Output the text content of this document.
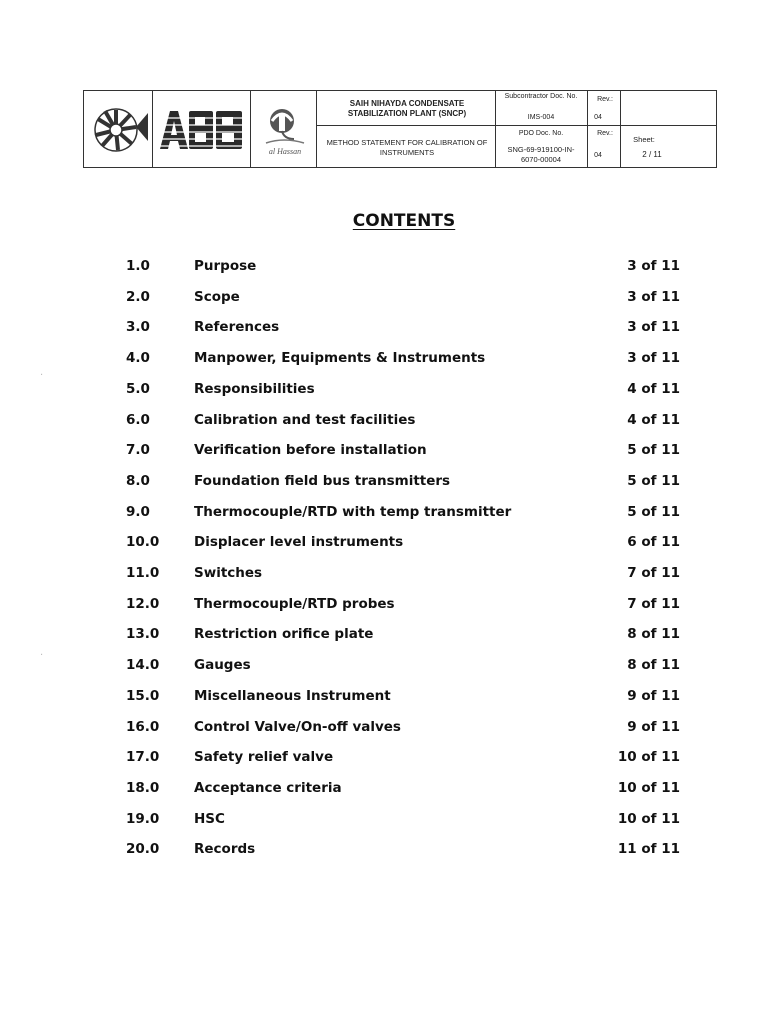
al Hassan
SAIH NIHAYDA CONDENSATE STABILIZATION PLANT (SNCP)
METHOD STATEMENT FOR CALIBRATION OF INSTRUMENTS
Subcontractor Doc. No.
IMS-004
PDO Doc. No.
SNG-69-919100-IN-6070-00004
Rev.:
04
Rev.:
04
Sheet:
2 / 11
CONTENTS
1.0	Purpose	3 of 11
2.0	Scope	3 of 11
3.0	References	3 of 11
4.0	Manpower, Equipments & Instruments	3 of 11
5.0	Responsibilities	4 of 11
6.0	Calibration and test facilities	4 of 11
7.0	Verification before installation	5 of 11
8.0	Foundation field bus transmitters	5 of 11
9.0	Thermocouple/RTD with temp transmitter	5 of 11
10.0	Displacer level instruments	6 of 11
11.0	Switches	7 of 11
12.0	Thermocouple/RTD probes	7 of 11
13.0	Restriction orifice plate	8 of 11
14.0	Gauges	8 of 11
15.0	Miscellaneous Instrument	9 of 11
16.0	Control Valve/On-off valves	9 of 11
17.0	Safety relief valve	10 of 11
18.0	Acceptance criteria	10 of 11
19.0	HSC	10 of 11
20.0	Records	11 of 11
·
·
